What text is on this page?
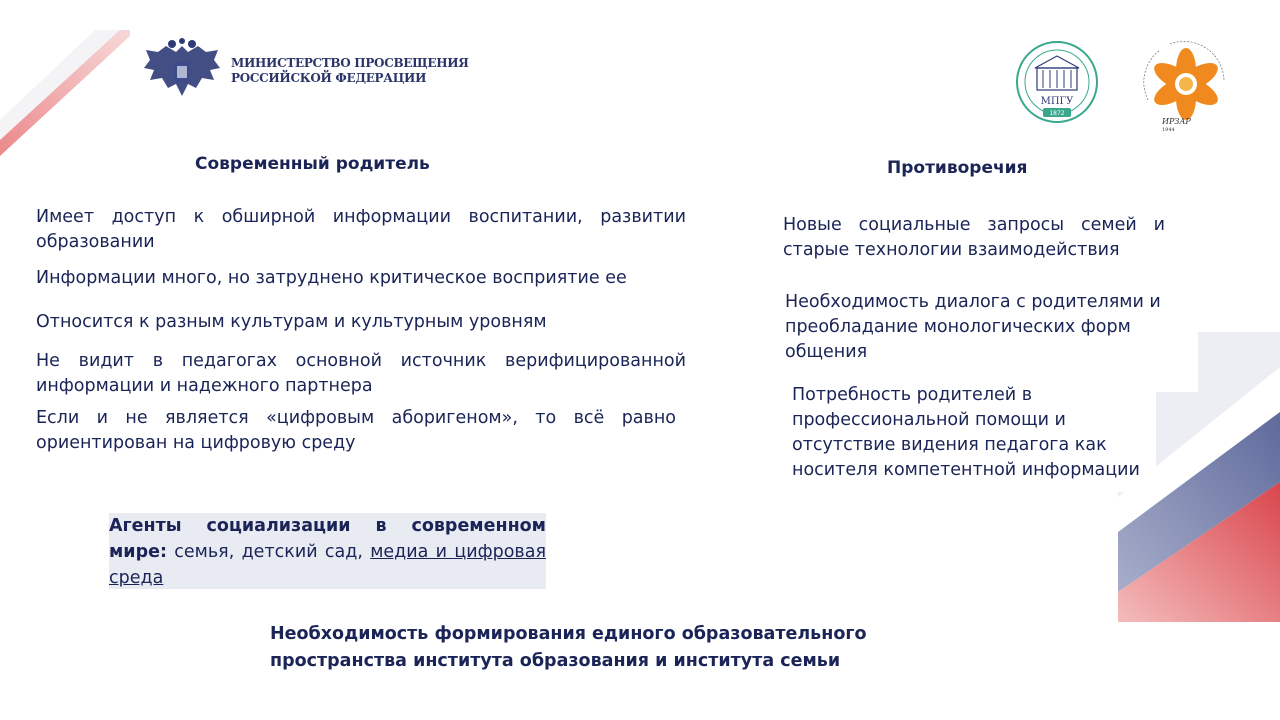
МИНИСТЕРСТВО ПРОСВЕЩЕНИЯ
РОССИЙСКОЙ ФЕДЕРАЦИИ
МПГУ
1872
ИРЗАР
1944
Современный родитель	Противоречия
Имеет доступ к обширной информации воспитании, развитии образовании
Информации много, но затруднено критическое восприятие ее
Относится к разным культурам и культурным уровням
Не видит в педагогах основной источник верифицированной информации и надежного партнера
Если и не является «цифровым аборигеном», то всё равно ориентирован на цифровую среду
Новые социальные запросы семей и старые технологии взаимодействия
Необходимость диалога с родителями и преобладание монологических форм общения
Потребность родителей в профессиональной помощи и отсутствие видения педагога как носителя компетентной информации
Агенты социализации в современном мире: семья, детский сад, медиа и цифровая среда
Необходимость формирования единого образовательного
пространства института образования и института семьи
